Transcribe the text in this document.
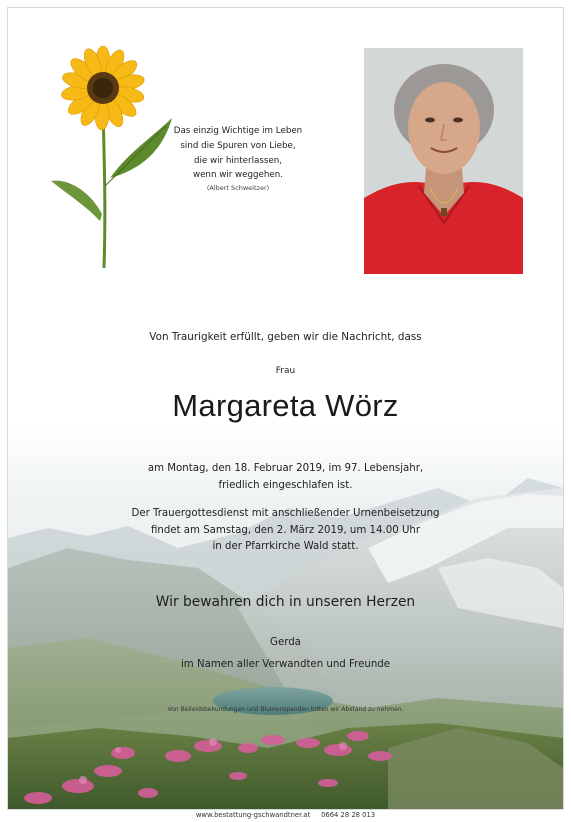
Das einzig Wichtige im Leben
sind die Spuren von Liebe,
die wir hinterlassen,
wenn wir weggehen.
(Albert Schweitzer)
Von Traurigkeit erfüllt, geben wir die Nachricht, dass
Frau
Margareta Wörz
am Montag, den 18. Februar 2019, im 97. Lebensjahr,
friedlich eingeschlafen ist.
Der Trauergottesdienst mit anschließender Urnenbeisetzung
findet am Samstag, den 2. März 2019, um 14.00 Uhr
in der Pfarrkirche Wald statt.
Wir bewahren dich in unseren Herzen
Gerda
im Namen aller Verwandten und Freunde
Von Beileidsbekundungen und Blumenspenden bitten wir Abstand zu nehmen.
www.bestattung-gschwandtner.at 0664 28 28 013
